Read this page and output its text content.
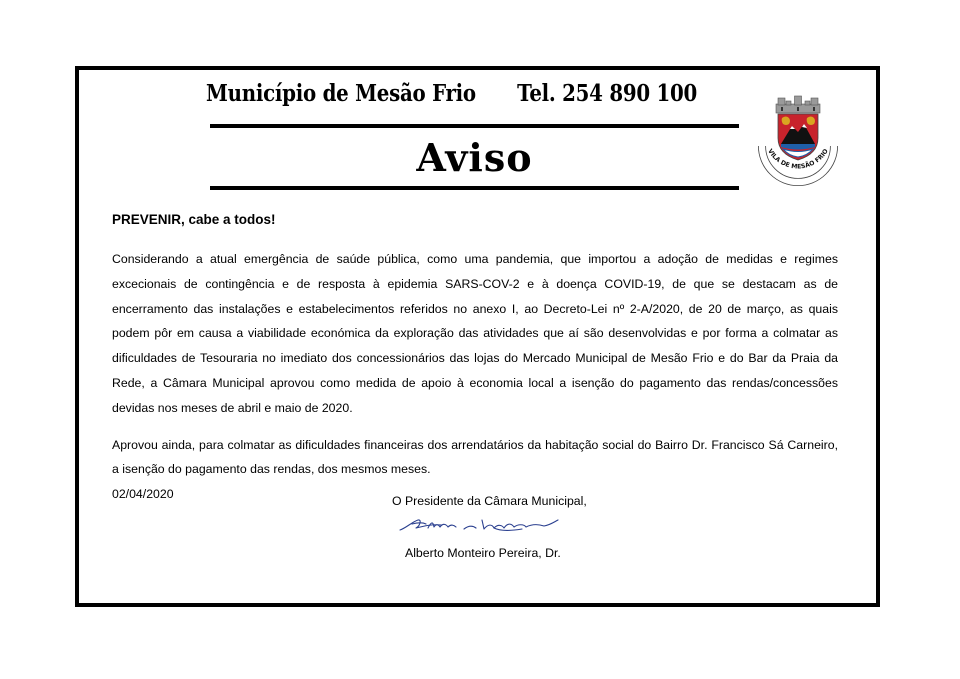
Município de Mesão Frio Tel. 254 890 100
Aviso	VILA DE MESÃO FRIO
PREVENIR, cabe a todos!

Considerando a atual emergência de saúde pública, como uma pandemia, que importou a adoção de medidas e regimes excecionais de contingência e de resposta à epidemia SARS-COV-2 e à doença COVID-19, de que se destacam as de encerramento das instalações e estabelecimentos referidos no anexo I, ao Decreto-Lei nº 2-A/2020, de 20 de março, as quais podem pôr em causa a viabilidade económica da exploração das atividades que aí são desenvolvidas e por forma a colmatar as dificuldades de Tesouraria no imediato dos concessionários das lojas do Mercado Municipal de Mesão Frio e do Bar da Praia da Rede, a Câmara Municipal aprovou como medida de apoio à economia local a isenção do pagamento das rendas/concessões devidas nos meses de abril e maio de 2020.

Aprovou ainda, para colmatar as dificuldades financeiras dos arrendatários da habitação social do Bairro Dr. Francisco Sá Carneiro, a isenção do pagamento das rendas, dos mesmos meses.

02/04/2020	O Presidente da Câmara Municipal,
Alberto Monteiro Pereira, Dr.
